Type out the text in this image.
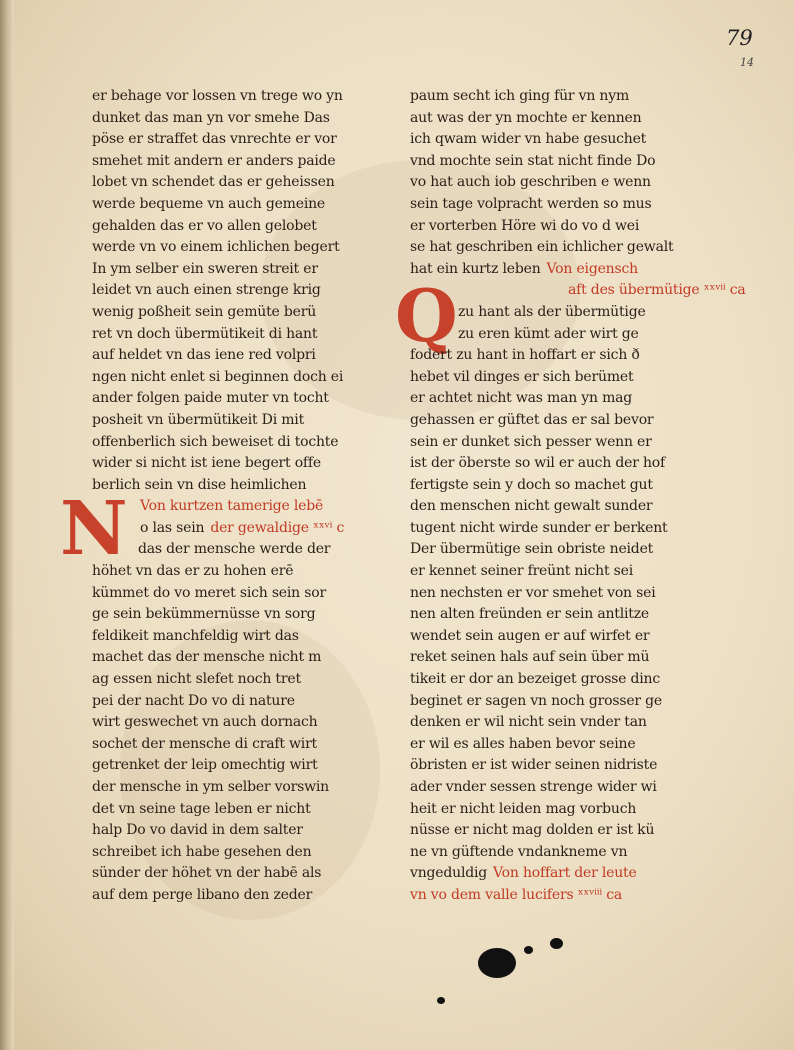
79
14
N
Q
er behage vor lossen vn trege wo yn
dunket das man yn vor smehe Das
pöse er straffet das vnrechte er vor
smehet mit andern er anders paide
lobet vn schendet das er geheissen
werde bequeme vn auch gemeine
gehalden das er vo allen gelobet
werde vn vo einem ichlichen begert
In ym selber ein sweren streit er
leidet vn auch einen strenge krig
wenig poßheit sein gemüte berü
ret vn doch übermütikeit di hant
auf heldet vn das iene red volpri
ngen nicht enlet si beginnen doch ei
ander folgen paide muter vn tocht
posheit vn übermütikeit Di mit
offenberlich sich beweiset di tochte
wider si nicht ist iene begert offe
berlich sein vn dise heimlichen
Von kurtzen tamerige lebē
o las sein der gewaldige ˣˣᵛⁱ c
das der mensche werde der
höhet vn das er zu hohen erē
kümmet do vo meret sich sein sor
ge sein bekümmernüsse vn sorg
feldikeit manchfeldig wirt das
machet das der mensche nicht m
ag essen nicht slefet noch tret
pei der nacht Do vo di nature
wirt geswechet vn auch dornach
sochet der mensche di craft wirt
getrenket der leip omechtig wirt
der mensche in ym selber vorswin
det vn seine tage leben er nicht
halp Do vo david in dem salter
schreibet ich habe gesehen den
sünder der höhet vn der habē als
auf dem perge libano den zeder
paum secht ich ging für vn nym
aut was der yn mochte er kennen
ich qwam wider vn habe gesuchet
vnd mochte sein stat nicht finde Do
vo hat auch iob geschriben e wenn
sein tage volpracht werden so mus
er vorterben Höre wi do vo d wei
se hat geschriben ein ichlicher gewalt
hat ein kurtz leben Von eigensch
aft des übermütige ˣˣᵛⁱⁱ ca
zu hant als der übermütige
zu eren kümt ader wirt ge
fodert zu hant in hoffart er sich ð
hebet vil dinges er sich berümet
er achtet nicht was man yn mag
gehassen er güftet das er sal bevor
sein er dunket sich pesser wenn er
ist der öberste so wil er auch der hof
fertigste sein y doch so machet gut
den menschen nicht gewalt sunder
tugent nicht wirde sunder er berkent
Der übermütige sein obriste neidet
er kennet seiner freünt nicht sei
nen nechsten er vor smehet von sei
nen alten freünden er sein antlitze
wendet sein augen er auf wirfet er
reket seinen hals auf sein über mü
tikeit er dor an bezeiget grosse dinc
beginet er sagen vn noch grosser ge
denken er wil nicht sein vnder tan
er wil es alles haben bevor seine
öbristen er ist wider seinen nidriste
ader vnder sessen strenge wider wi
heit er nicht leiden mag vorbuch
nüsse er nicht mag dolden er ist kü
ne vn güftende vndankneme vn
vngeduldig Von hoffart der leute
vn vo dem valle lucifers ˣˣᵛⁱⁱⁱ ca
